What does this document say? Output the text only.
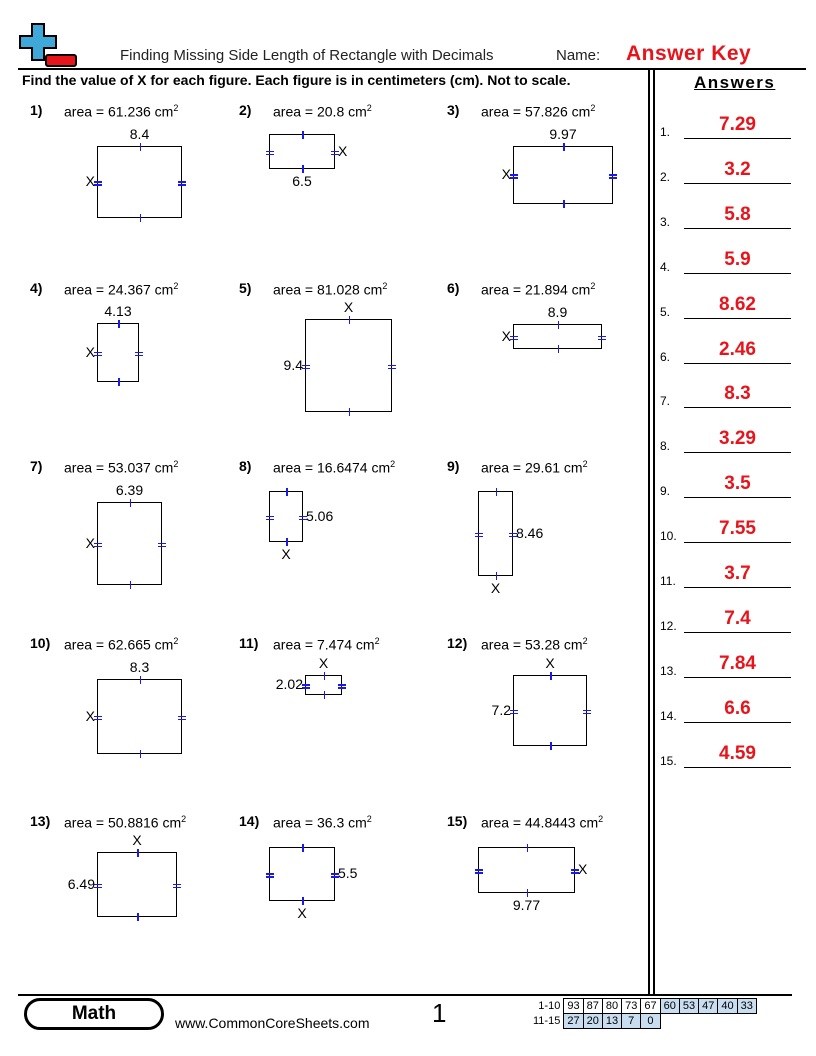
Finding Missing Side Length of Rectangle with Decimals	Name: Answer Key
Find the value of X for each figure. Each figure is in centimeters (cm). Not to scale.	Answers
1.	7.29
2.	3.2
3.	5.8
4.	5.9
5.	8.62
6.	2.46
7.	8.3
8.	3.29
9.	3.5
10.	7.55
11.	3.7
12.	7.4
13.	7.84
14.	6.6
15.	4.59
1) area = 61.236 $cm^2$
8.4
X
2) area = 20.8 $cm^2$
6.5
X
3) area = 57.826 $cm^2$
9.97
X
4) area = 24.367 $cm^2$
4.13
X
5) area = 81.028 $cm^2$
X
9.4
6) area = 21.894 $cm^2$
8.9
X
7) area = 53.037 $cm^2$
6.39
X
8) area = 16.6474 $cm^2$
X
5.06
9) area = 29.61 $cm^2$
X
8.46
10) area = 62.665 $cm^2$
8.3
X
11) area = 7.474 $cm^2$
X
2.02
12) area = 53.28 $cm^2$
X
7.2
13) area = 50.8816 $cm^2$
X
6.49
14) area = 36.3 $cm^2$
X
5.5
15) area = 44.8443 $cm^2$
9.77
X
Math	www.CommonCoreSheets.com 1	1-10	93	87	80	73	67	60	53	47	40	33
11-15	27	20	13	7	0					
